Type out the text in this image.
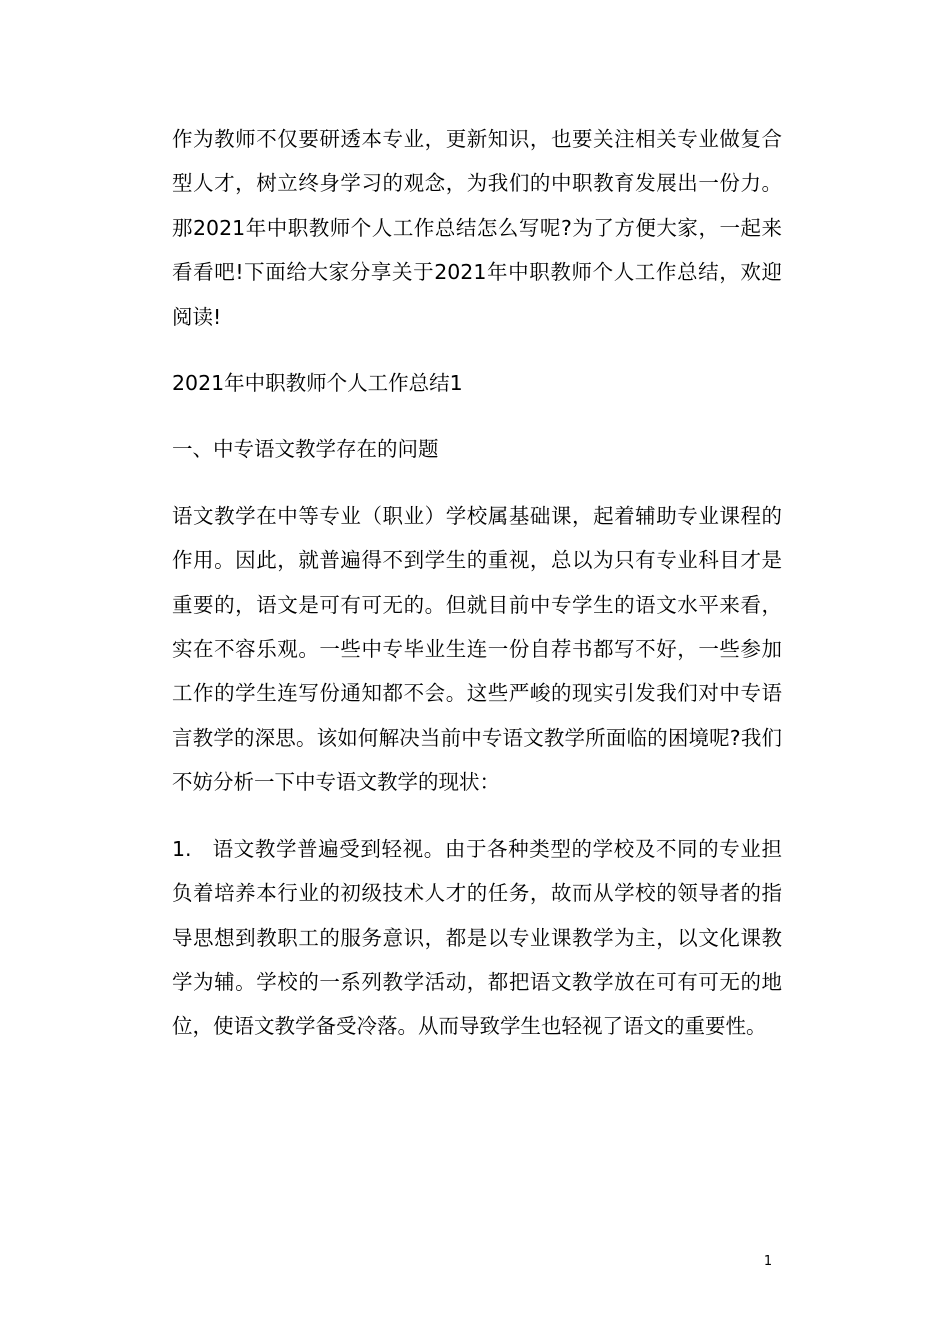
作为教师不仅要研透本专业，更新知识，也要关注相关专业做复合型人才，树立终身学习的观念，为我们的中职教育发展出一份力。那2021年中职教师个人工作总结怎么写呢?为了方便大家，一起来看看吧!下面给大家分享关于2021年中职教师个人工作总结，欢迎阅读!

2021年中职教师个人工作总结1

一、中专语文教学存在的问题

语文教学在中等专业（职业）学校属基础课，起着辅助专业课程的作用。因此，就普遍得不到学生的重视，总以为只有专业科目才是重要的，语文是可有可无的。但就目前中专学生的语文水平来看，实在不容乐观。一些中专毕业生连一份自荐书都写不好，一些参加工作的学生连写份通知都不会。这些严峻的现实引发我们对中专语言教学的深思。该如何解决当前中专语文教学所面临的困境呢?我们不妨分析一下中专语文教学的现状：

1. 语文教学普遍受到轻视。由于各种类型的学校及不同的专业担负着培养本行业的初级技术人才的任务，故而从学校的领导者的指导思想到教职工的服务意识，都是以专业课教学为主，以文化课教学为辅。学校的一系列教学活动，都把语文教学放在可有可无的地位，使语文教学备受冷落。从而导致学生也轻视了语文的重要性。

1
